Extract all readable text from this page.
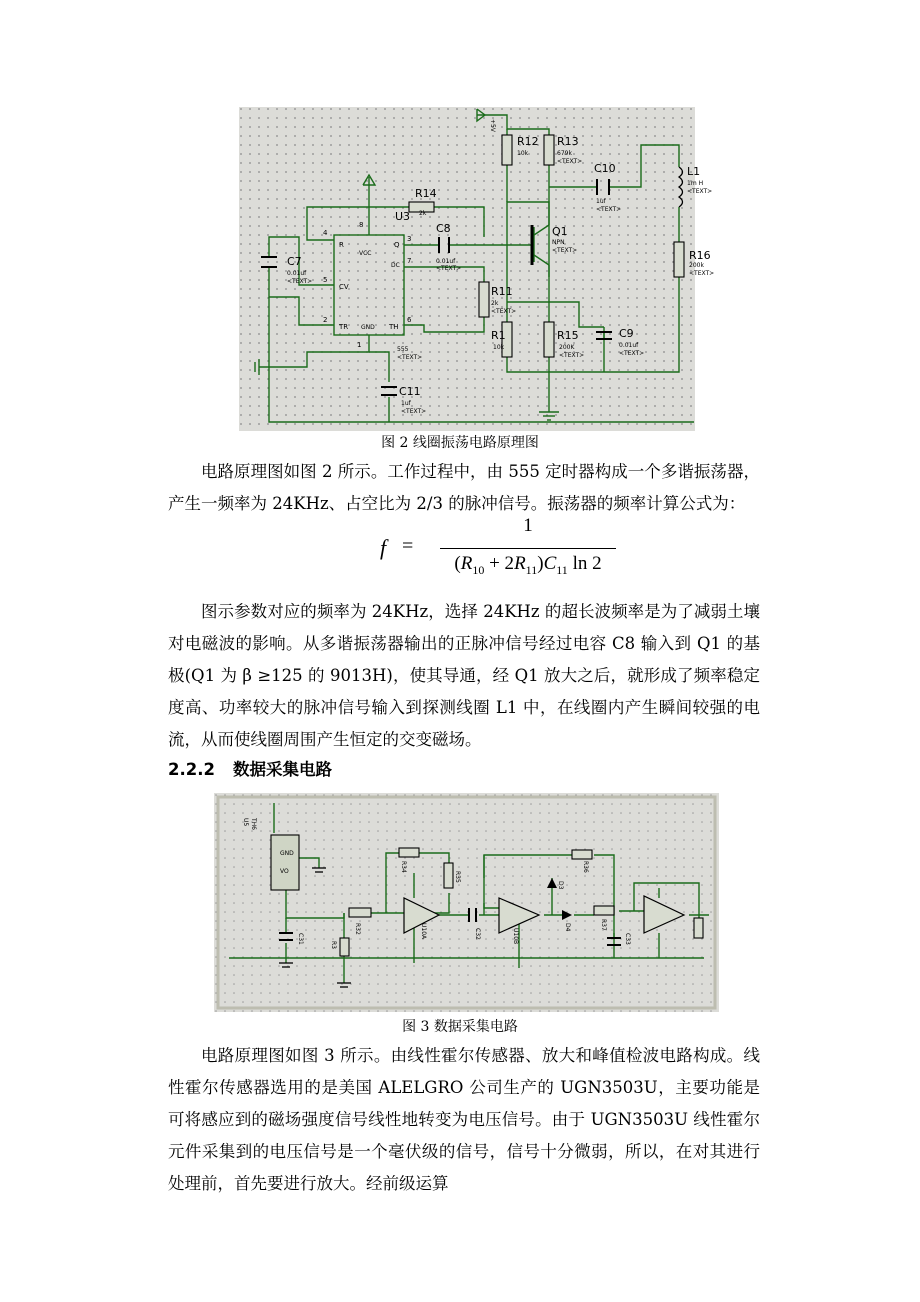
R12
10k
R13
679k
<TEXT>
R14
2k
U3
C8
0.01uf
<TEXT>
R11
2k
<TEXT>
R1
10k
R15
200K
<TEXT>
R16
200k
<TEXT>
C10
1uf
<TEXT>
L1
1m H
<TEXT>
Q1
NPN
<TEXT>
C9
0.01uf
<TEXT>
C7
0.01uf
<TEXT>
C11
1uf
<TEXT>
555
<TEXT>
R
VCC
Q
DC
CV
TR GND TH
4
8
3
7
5
2	6
1
+5V
图 2 线圈振荡电路原理图

电路原理图如图 2 所示。工作过程中，由 555 定时器构成一个多谐振荡器，产生一频率为 24KHz、占空比为 2/3 的脉冲信号。振荡器的频率计算公式为：

f =
1
$(R_{10} + 2R_{11})C_{11}$ ln 2

图示参数对应的频率为 24KHz，选择 24KHz 的超长波频率是为了减弱土壤对电磁波的影响。从多谐振荡器输出的正脉冲信号经过电容 C8 输入到 Q1 的基极(Q1 为 β ≥125 的 9013H)，使其导通，经 Q1 放大之后，就形成了频率稳定度高、功率较大的脉冲信号输入到探测线圈 L1 中，在线圈内产生瞬间较强的电流，从而使线圈周围产生恒定的交变磁场。

2.2.2 数据采集电路
U5 TH6
GND
VO
C31
R32
R3
R34
R35
U10A	C32	U10B
D3
R36
D4	R37
C33
图 3 数据采集电路

电路原理图如图 3 所示。由线性霍尔传感器、放大和峰值检波电路构成。线性霍尔传感器选用的是美国 ALELGRO 公司生产的 UGN3503U，主要功能是可将感应到的磁场强度信号线性地转变为电压信号。由于 UGN3503U 线性霍尔元件采集到的电压信号是一个毫伏级的信号，信号十分微弱，所以，在对其进行处理前，首先要进行放大。经前级运算
